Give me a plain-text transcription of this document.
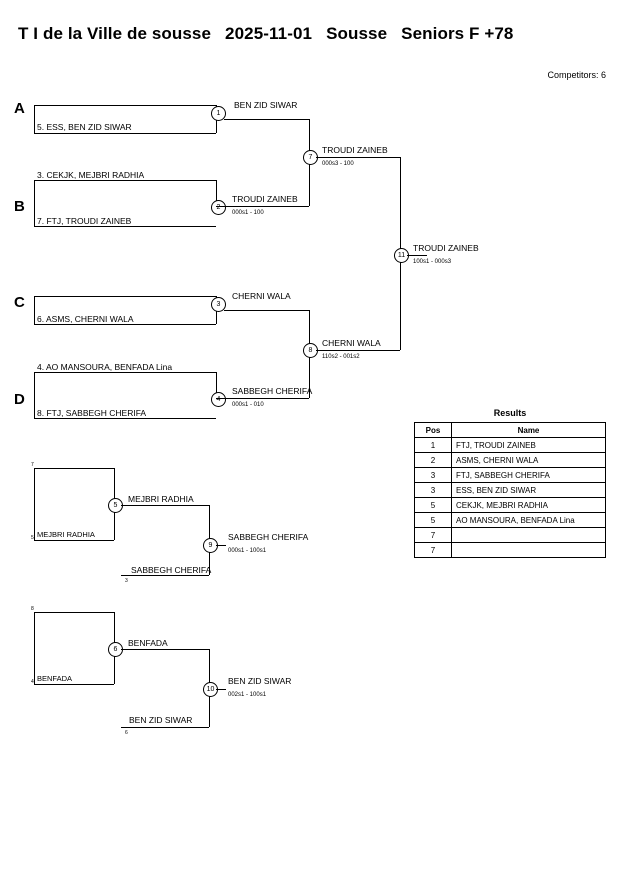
T I de la Ville de sousse 2025-11-01 Sousse Seniors F +78
Competitors: 6
A
B
C
D
5. ESS, BEN ZID SIWAR
1
BEN ZID SIWAR
3. CEKJK, MEJBRI RADHIA
7. FTJ, TROUDI ZAINEB
2
TROUDI ZAINEB
000s1 - 100
7
TROUDI ZAINEB
000s3 - 100
6. ASMS, CHERNI WALA
3
CHERNI WALA
4. AO MANSOURA, BENFADA Lina
8. FTJ, SABBEGH CHERIFA
4
SABBEGH CHERIFA
000s1 - 010
8
CHERNI WALA
110s2 - 001s2
11
TROUDI ZAINEB
100s1 - 000s3
7
5 MEJBRI RADHIA
5
MEJBRI RADHIA
3
SABBEGH CHERIFA
9
SABBEGH CHERIFA
000s1 - 100s1
8
4 BENFADA
6
BENFADA
6
BEN ZID SIWAR
10
BEN ZID SIWAR
002s1 - 100s1
Results
Pos	Name
1	FTJ, TROUDI ZAINEB
2	ASMS, CHERNI WALA
3	FTJ, SABBEGH CHERIFA
3	ESS, BEN ZID SIWAR
5	CEKJK, MEJBRI RADHIA
5	AO MANSOURA, BENFADA Lina
7	
7	
